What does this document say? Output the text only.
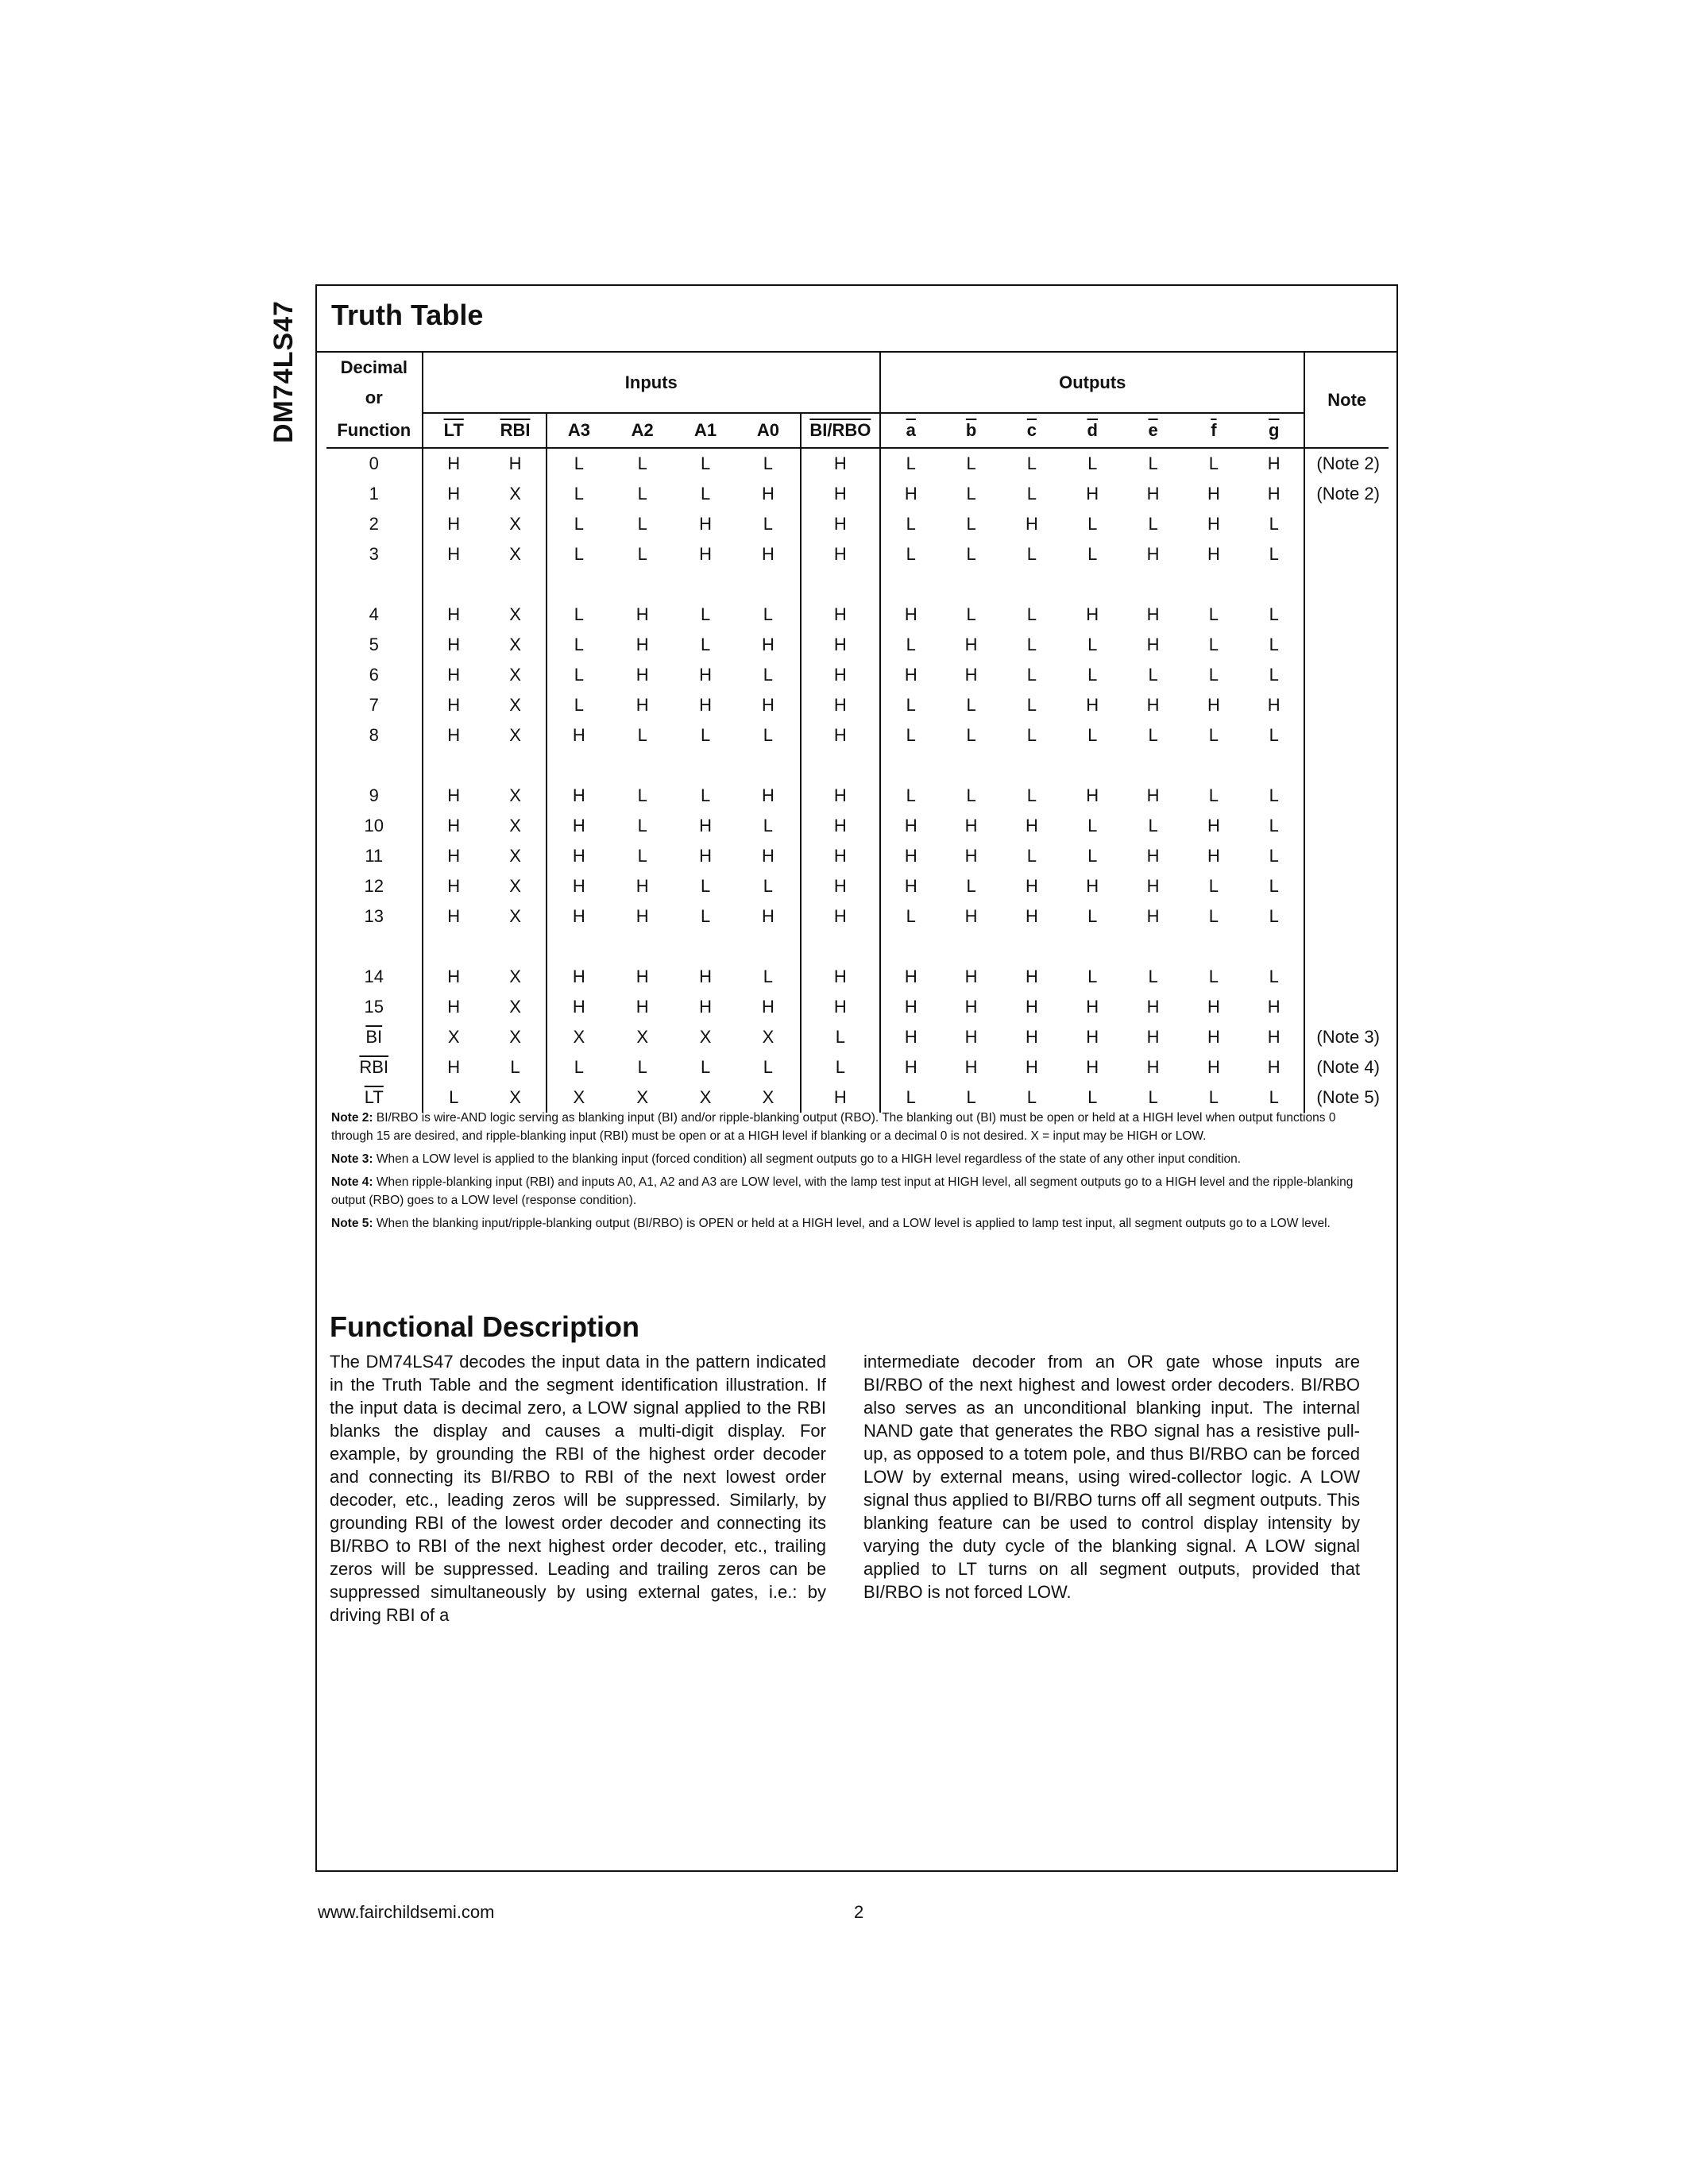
DM74LS47 Truth Table
Decimal	Inputs							Outputs							Note
or															
Function	$\overline{LT}$	$\overline{RBI}$	A3	A2	A1	A0	BI/RBO	$\overline{a}$	$\overline{b}$	$\overline{c}$	$\overline{d}$	$\overline{e}$	$\overline{f}$	$\overline{g}$
0	H	H	L	L	L	L	H	L	L	L	L	L	L	H	(Note 2)
1	H	X	L	L	L	H	H	H	L	L	H	H	H	H	(Note 2)
2	H	X	L	L	H	L	H	L	L	H	L	L	H	L	
3	H	X	L	L	H	H	H	L	L	L	L	H	H	L	

4	H	X	L	H	L	L	H	H	L	L	H	H	L	L	
5	H	X	L	H	L	H	H	L	H	L	L	H	L	L	
6	H	X	L	H	H	L	H	H	H	L	L	L	L	L	
7	H	X	L	H	H	H	H	L	L	L	H	H	H	H	
8	H	X	H	L	L	L	H	L	L	L	L	L	L	L	

9	H	X	H	L	L	H	H	L	L	L	H	H	L	L	
10	H	X	H	L	H	L	H	H	H	H	L	L	H	L	
11	H	X	H	L	H	H	H	H	H	L	L	H	H	L	
12	H	X	H	H	L	L	H	H	L	H	H	H	L	L	
13	H	X	H	H	L	H	H	L	H	H	L	H	L	L	

14	H	X	H	H	H	L	H	H	H	H	L	L	L	L	
15	H	X	H	H	H	H	H	H	H	H	H	H	H	H	
$\overline{BI}$	X	X	X	X	X	X	L	H	H	H	H	H	H	H	(Note 3)
$\overline{RBI}$	H	L	L	L	L	L	L	H	H	H	H	H	H	H	(Note 4)
$\overline{LT}$	L	X	X	X	X	X	H	L	L	L	L	L	L	L	(Note 5)

Note 2: BI/RBO is wire-AND logic serving as blanking input (BI) and/or ripple-blanking output (RBO). The blanking out (BI) must be open or held at a HIGH level when output functions 0 through 15 are desired, and ripple-blanking input (RBI) must be open or at a HIGH level if blanking or a decimal 0 is not desired. X = input may be HIGH or LOW.

Note 3: When a LOW level is applied to the blanking input (forced condition) all segment outputs go to a HIGH level regardless of the state of any other input condition.

Note 4: When ripple-blanking input (RBI) and inputs A0, A1, A2 and A3 are LOW level, with the lamp test input at HIGH level, all segment outputs go to a HIGH level and the ripple-blanking output (RBO) goes to a LOW level (response condition).

Note 5: When the blanking input/ripple-blanking output (BI/RBO) is OPEN or held at a HIGH level, and a LOW level is applied to lamp test input, all segment outputs go to a LOW level.

Functional Description
The DM74LS47 decodes the input data in the pattern indicated in the Truth Table and the segment identification illustration. If the input data is decimal zero, a LOW signal applied to the RBI blanks the display and causes a multi-digit display. For example, by grounding the RBI of the highest order decoder and connecting its BI/RBO to RBI of the next lowest order decoder, etc., leading zeros will be suppressed. Similarly, by grounding RBI of the lowest order decoder and connecting its BI/RBO to RBI of the next highest order decoder, etc., trailing zeros will be suppressed. Leading and trailing zeros can be suppressed simultaneously by using external gates, i.e.: by driving RBI of a
intermediate decoder from an OR gate whose inputs are BI/RBO of the next highest and lowest order decoders. BI/RBO also serves as an unconditional blanking input. The internal NAND gate that generates the RBO signal has a resistive pull-up, as opposed to a totem pole, and thus BI/RBO can be forced LOW by external means, using wired-collector logic. A LOW signal thus applied to BI/RBO turns off all segment outputs. This blanking feature can be used to control display intensity by varying the duty cycle of the blanking signal. A LOW signal applied to LT turns on all segment outputs, provided that BI/RBO is not forced LOW.
www.fairchildsemi.com	2
